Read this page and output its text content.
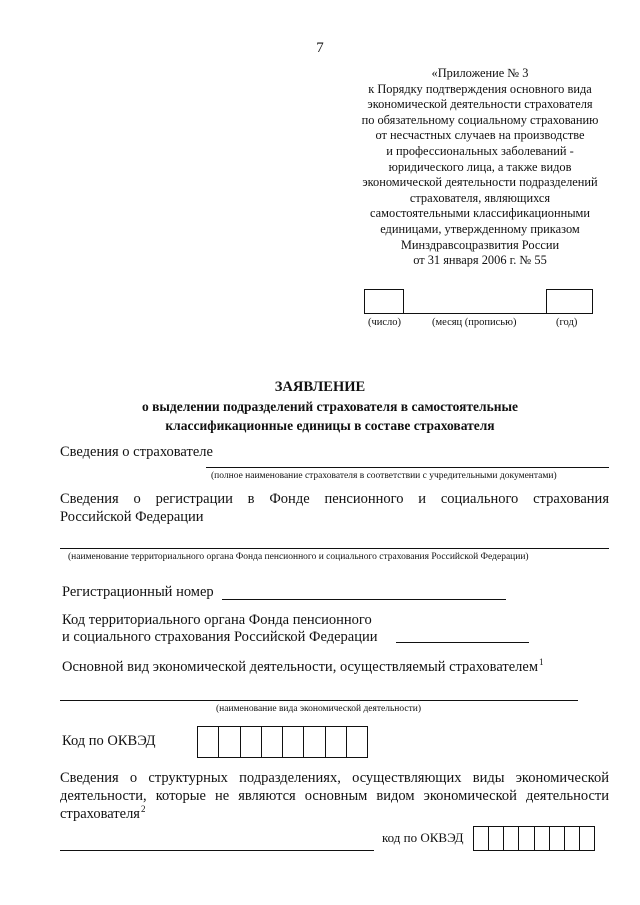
7
«Приложение № 3
к Порядку подтверждения основного вида
экономической деятельности страхователя
по обязательному социальному страхованию
от несчастных случаев на производстве
и профессиональных заболеваний -
юридического лица, а также видов
экономической деятельности подразделений
страхователя, являющихся
самостоятельными классификационными
единицами, утвержденному приказом
Минздравсоцразвития России
от 31 января 2006 г. № 55
(число)	(месяц (прописью)	(год)
ЗАЯВЛЕНИЕ
о выделении подразделений страхователя в самостоятельные
классификационные единицы в составе страхователя
Сведения о страхователе
(полное наименование страхователя в соответствии с учредительными документами)
Сведения о регистрации в Фонде пенсионного и социального страхования
Российской Федерации
(наименование территориального органа Фонда пенсионного и социального страхования Российской Федерации)
Регистрационный номер
Код территориального органа Фонда пенсионного
и социального страхования Российской Федерации
Основной вид экономической деятельности, осуществляемый страхователем$^1$
(наименование вида экономической деятельности)
Код по ОКВЭД
Сведения о структурных подразделениях, осуществляющих виды экономической
деятельности, которые не являются основным видом экономической деятельности
страхователя$^2$
код по ОКВЭД
